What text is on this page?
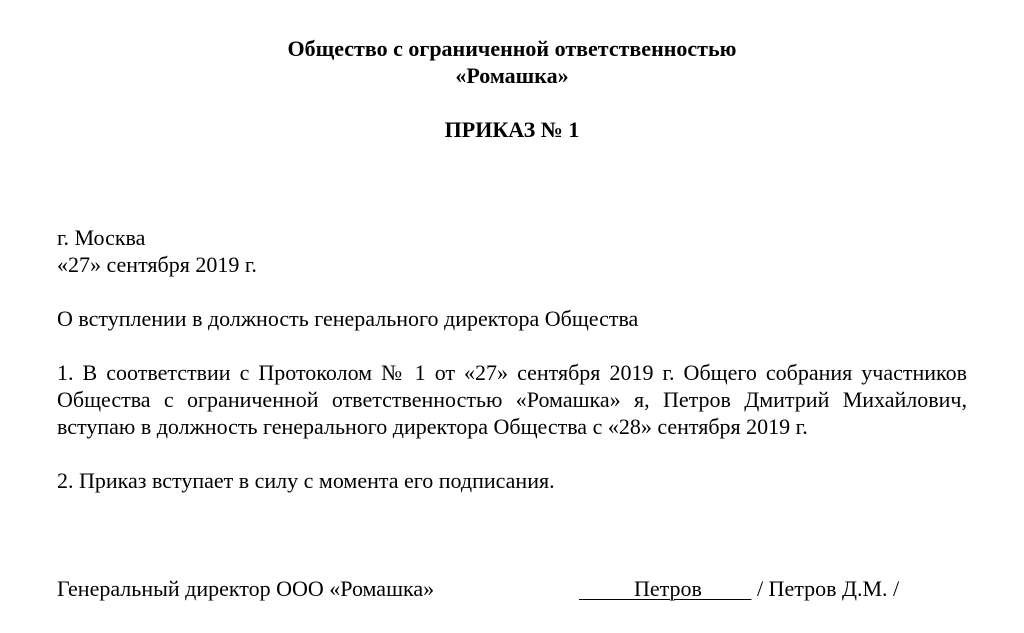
Общество с ограниченной ответственностью
«Ромашка»
ПРИКАЗ № 1
г. Москва
«27» сентября 2019 г.
О вступлении в должность генерального директора Общества
1. В соответствии с Протоколом № 1 от «27» сентября 2019 г. Общего собрания участников Общества с ограниченной ответственностью «Ромашка» я, Петров Дмитрий Михайлович, вступаю в должность генерального директора Общества с «28» сентября 2019 г.
2. Приказ вступает в силу с момента его подписания.
Генеральный директор ООО «Ромашка»	Петров	/ Петров Д.М. /
